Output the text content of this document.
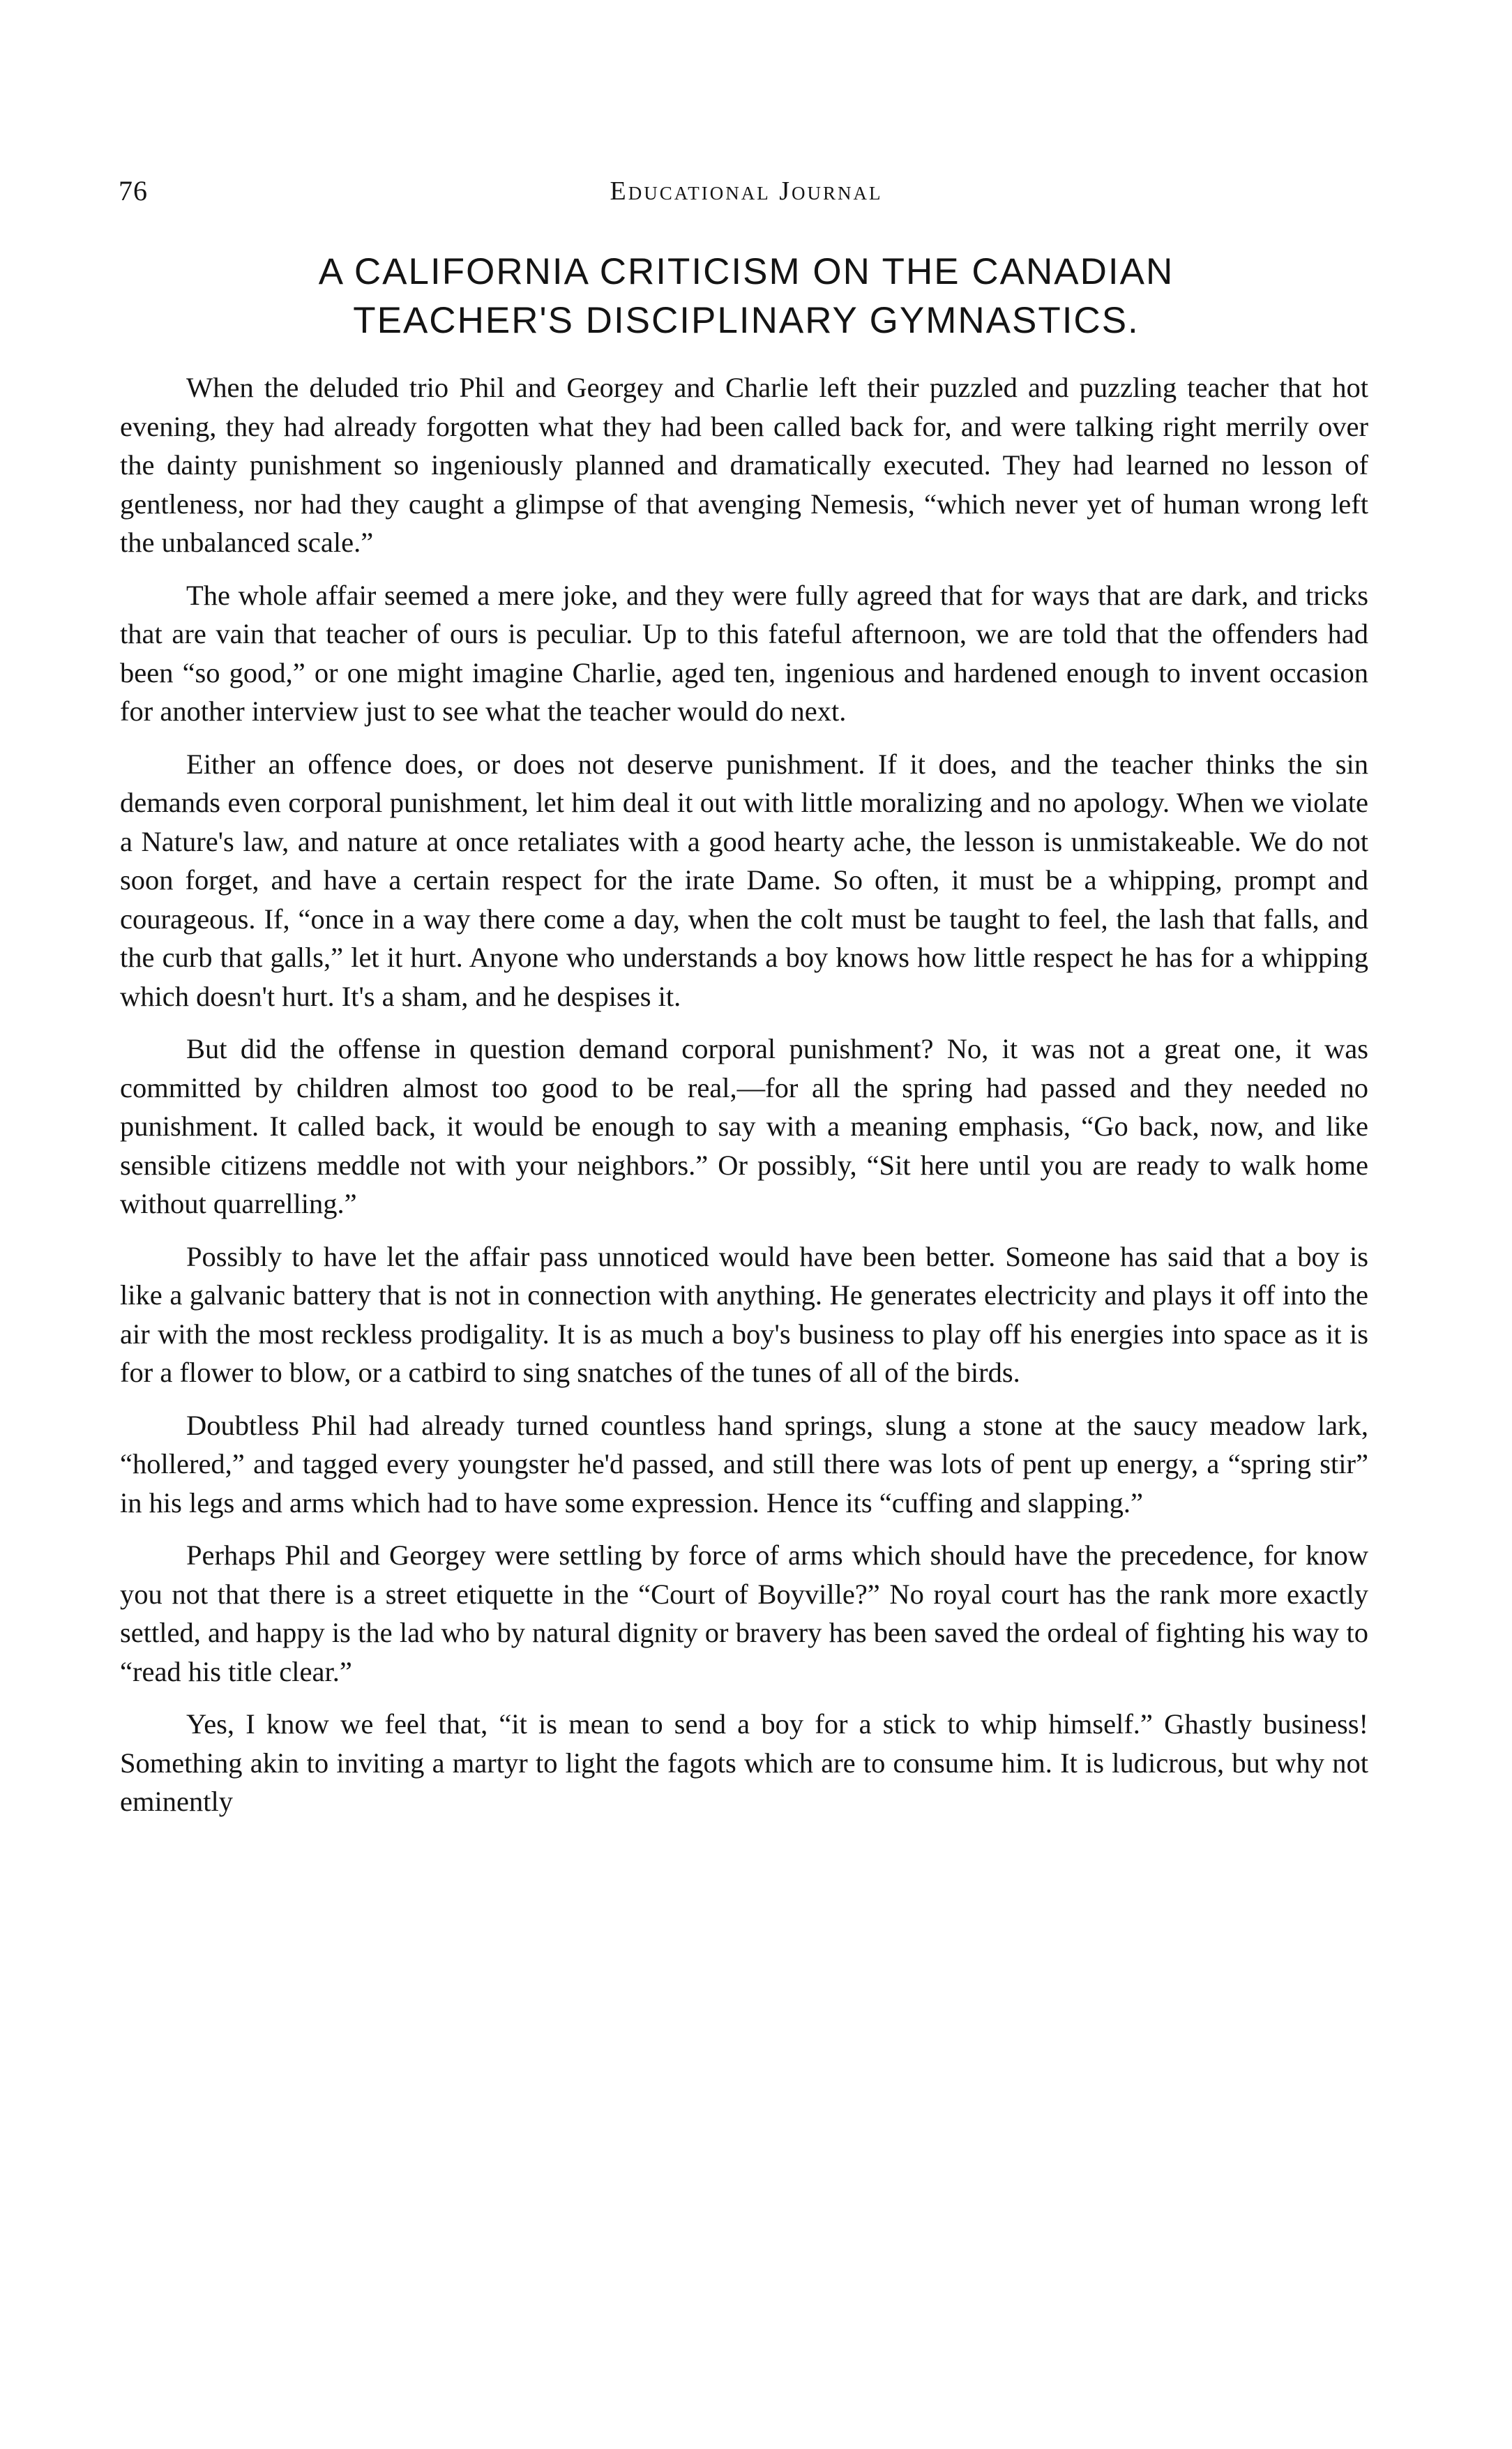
76	Educational Journal
A CALIFORNIA CRITICISM ON THE CANADIAN
TEACHER'S DISCIPLINARY GYMNASTICS.

When the deluded trio Phil and Georgey and Charlie left their puzzled and puzzling teacher that hot evening, they had already forgotten what they had been called back for, and were talking right merrily over the dainty punishment so ingeniously planned and dramatically executed. They had learned no lesson of gentleness, nor had they caught a glimpse of that avenging Nemesis, “which never yet of human wrong left the unbalanced scale.”

The whole affair seemed a mere joke, and they were fully agreed that for ways that are dark, and tricks that are vain that teacher of ours is peculiar. Up to this fateful afternoon, we are told that the offenders had been “so good,” or one might imagine Charlie, aged ten, ingenious and hardened enough to invent occasion for another interview just to see what the teacher would do next.

Either an offence does, or does not deserve punishment. If it does, and the teacher thinks the sin demands even corporal punishment, let him deal it out with little moralizing and no apology. When we violate a Nature's law, and nature at once retaliates with a good hearty ache, the lesson is unmistakeable. We do not soon forget, and have a certain respect for the irate Dame. So often, it must be a whipping, prompt and courageous. If, “once in a way there come a day, when the colt must be taught to feel, the lash that falls, and the curb that galls,” let it hurt. Anyone who understands a boy knows how little respect he has for a whipping which doesn't hurt. It's a sham, and he despises it.

But did the offense in question demand corporal punishment? No, it was not a great one, it was committed by children almost too good to be real,—for all the spring had passed and they needed no punishment. It called back, it would be enough to say with a meaning emphasis, “Go back, now, and like sensible citizens meddle not with your neighbors.” Or possibly, “Sit here until you are ready to walk home without quarrelling.”

Possibly to have let the affair pass unnoticed would have been better. Someone has said that a boy is like a galvanic battery that is not in connection with anything. He generates electricity and plays it off into the air with the most reckless prodigality. It is as much a boy's business to play off his energies into space as it is for a flower to blow, or a catbird to sing snatches of the tunes of all of the birds.

Doubtless Phil had already turned countless hand springs, slung a stone at the saucy meadow lark, “hollered,” and tagged every youngster he'd passed, and still there was lots of pent up energy, a “spring stir” in his legs and arms which had to have some expression. Hence its “cuffing and slapping.”

Perhaps Phil and Georgey were settling by force of arms which should have the precedence, for know you not that there is a street etiquette in the “Court of Boyville?” No royal court has the rank more exactly settled, and happy is the lad who by natural dignity or bravery has been saved the ordeal of fighting his way to “read his title clear.”

Yes, I know we feel that, “it is mean to send a boy for a stick to whip himself.” Ghastly business! Something akin to inviting a martyr to light the fagots which are to consume him. It is ludicrous, but why not eminently
